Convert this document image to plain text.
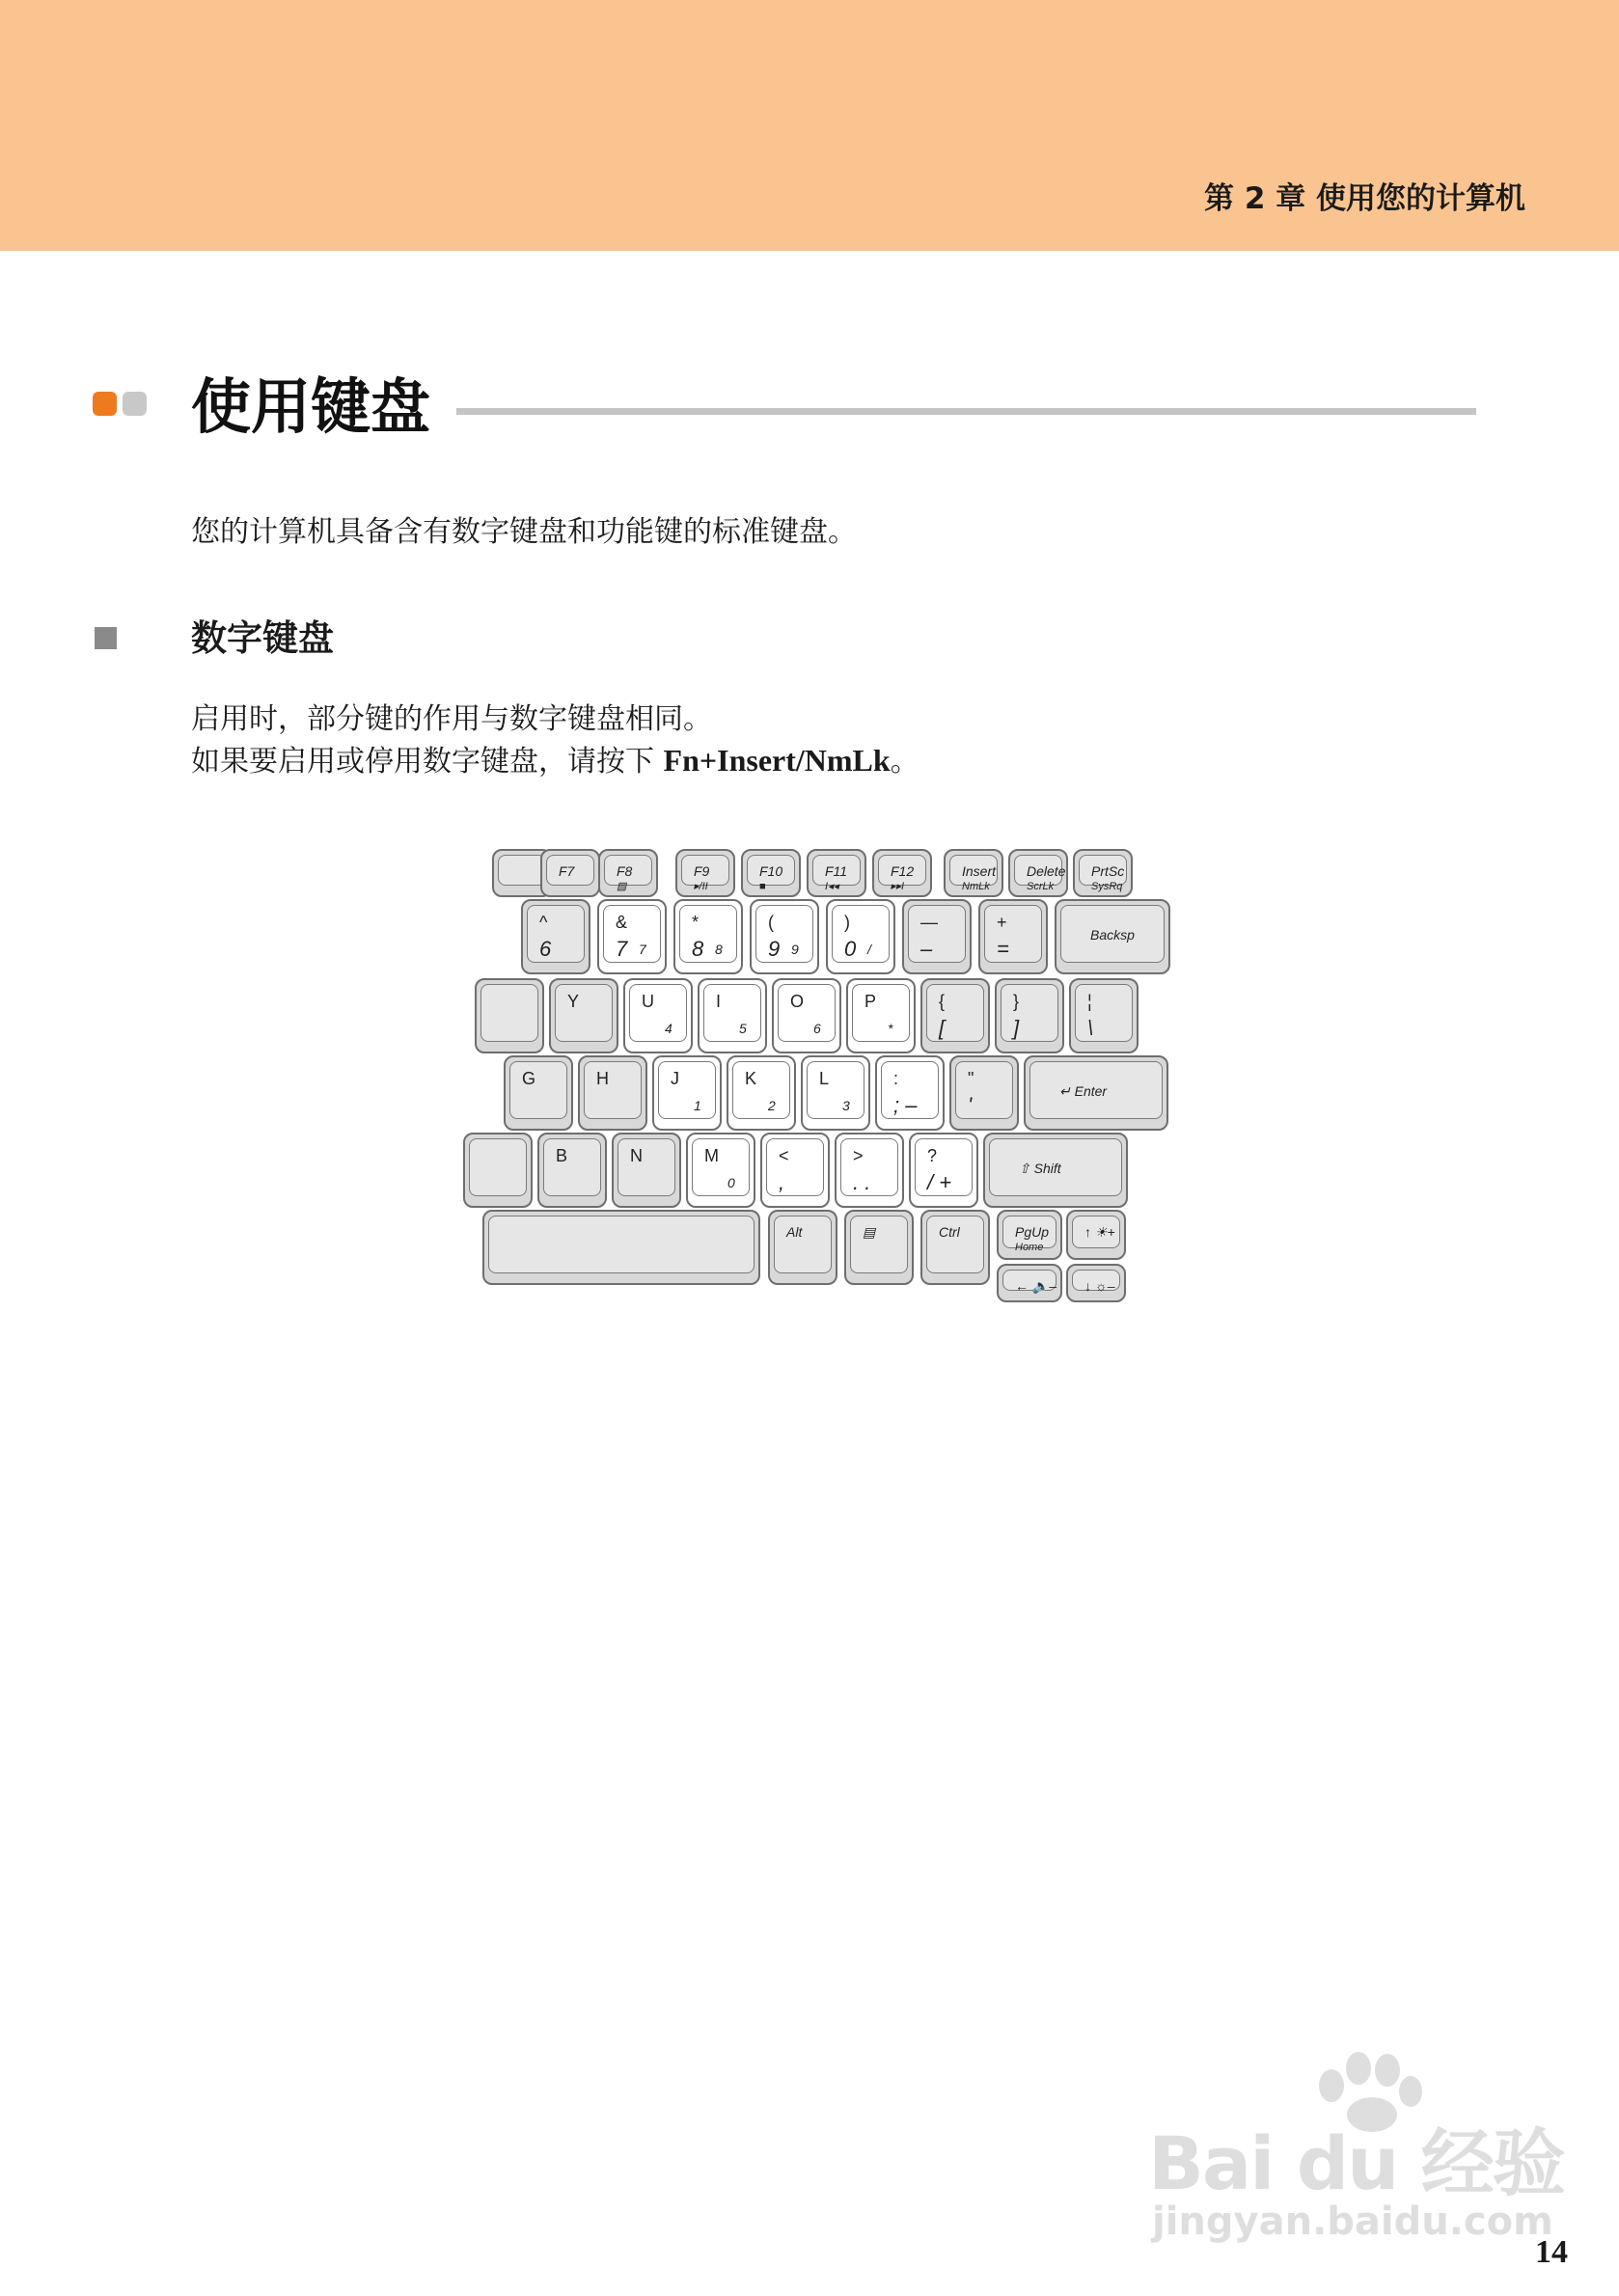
第 2 章 使用您的计算机
使用键盘
您的计算机具备含有数字键盘和功能键的标准键盘。
数字键盘
启用时，部分键的作用与数字键盘相同。
如果要启用或停用数字键盘，请按下 Fn+Insert/NmLk。
F7	F8
▨
F9
▸/II
F10
■
F11
I◂◂
F12
▸▸I
Insert
NmLk
Delete
ScrLk
PrtSc
SysRq
^
6
&
7 7
*
8 8
(
9 9
)
0 /
—
–
+
=
Backsp
Y	U
4
I
5
O
6
P
*
{
[
}
]
¦
\
G	H	J
1
K
2
L
3
:
; –
"
'
↵ Enter
B	N	M
0
<
,
>
. .
?
/ +
⇧ Shift
Alt	▤	Ctrl	PgUp
Home
↑ ☀+
← 🔈– ↓ ☼–
14
Bai du 经验
jingyan.baidu.com
